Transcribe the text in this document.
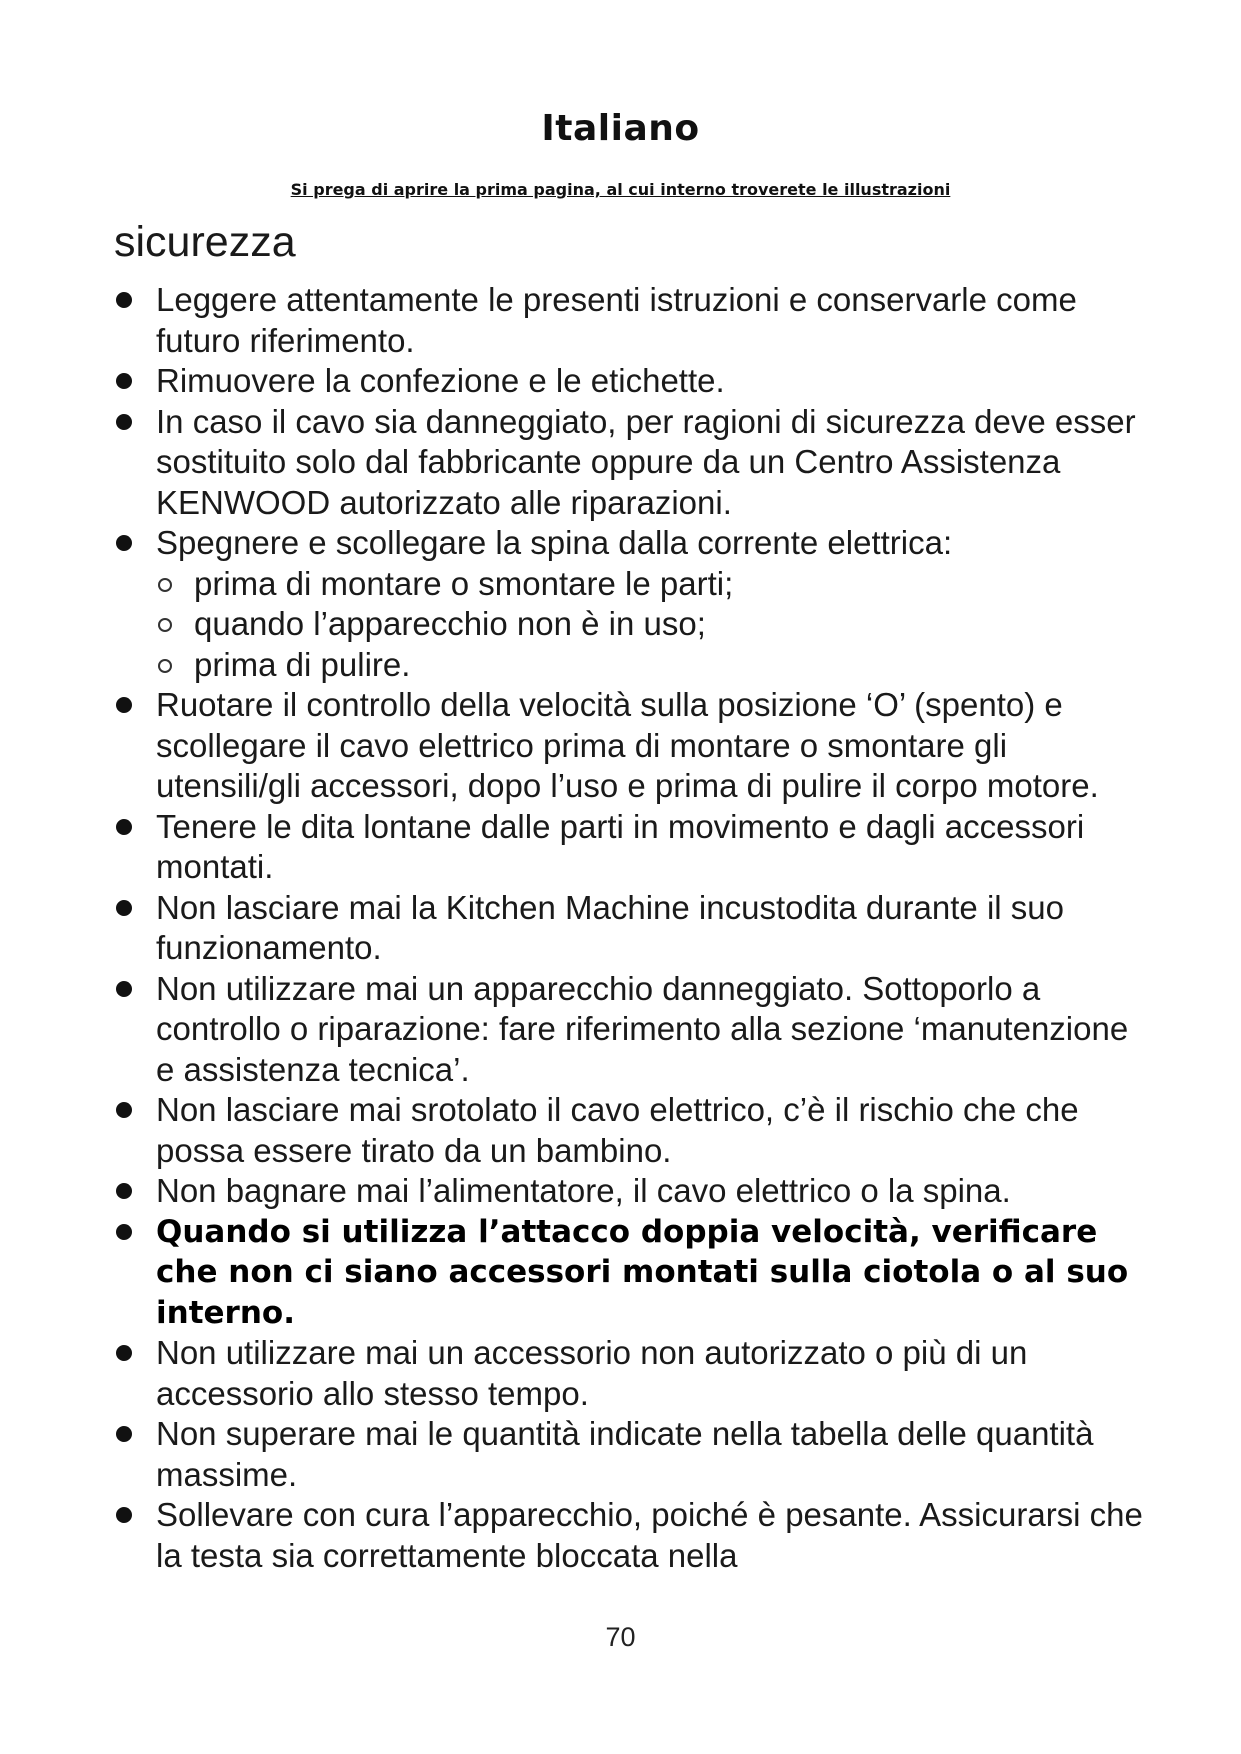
Italiano
Si prega di aprire la prima pagina, al cui interno troverete le illustrazioni
sicurezza
Leggere attentamente le presenti istruzioni e conservarle come futuro riferimento.
Rimuovere la confezione e le etichette.
In caso il cavo sia danneggiato, per ragioni di sicurezza deve esser sostituito solo dal fabbricante oppure da un Centro Assistenza KENWOOD autorizzato alle riparazioni.
Spegnere e scollegare la spina dalla corrente elettrica:
prima di montare o smontare le parti;
quando l’apparecchio non è in uso;
prima di pulire.
Ruotare il controllo della velocità sulla posizione ‘O’ (spento) e scollegare il cavo elettrico prima di montare o smontare gli utensili/gli accessori, dopo l’uso e prima di pulire il corpo motore.
Tenere le dita lontane dalle parti in movimento e dagli accessori montati.
Non lasciare mai la Kitchen Machine incustodita durante il suo funzionamento.
Non utilizzare mai un apparecchio danneggiato. Sottoporlo a controllo o riparazione: fare riferimento alla sezione ‘manutenzione e assistenza tecnica’.
Non lasciare mai srotolato il cavo elettrico, c’è il rischio che che possa essere tirato da un bambino.
Non bagnare mai l’alimentatore, il cavo elettrico o la spina.
Quando si utilizza l’attacco doppia velocità, verificare che non ci siano accessori montati sulla ciotola o al suo interno.
Non utilizzare mai un accessorio non autorizzato o più di un accessorio allo stesso tempo.
Non superare mai le quantità indicate nella tabella delle quantità massime.
Sollevare con cura l’apparecchio, poiché è pesante. Assicurarsi che la testa sia correttamente bloccata nella
70
